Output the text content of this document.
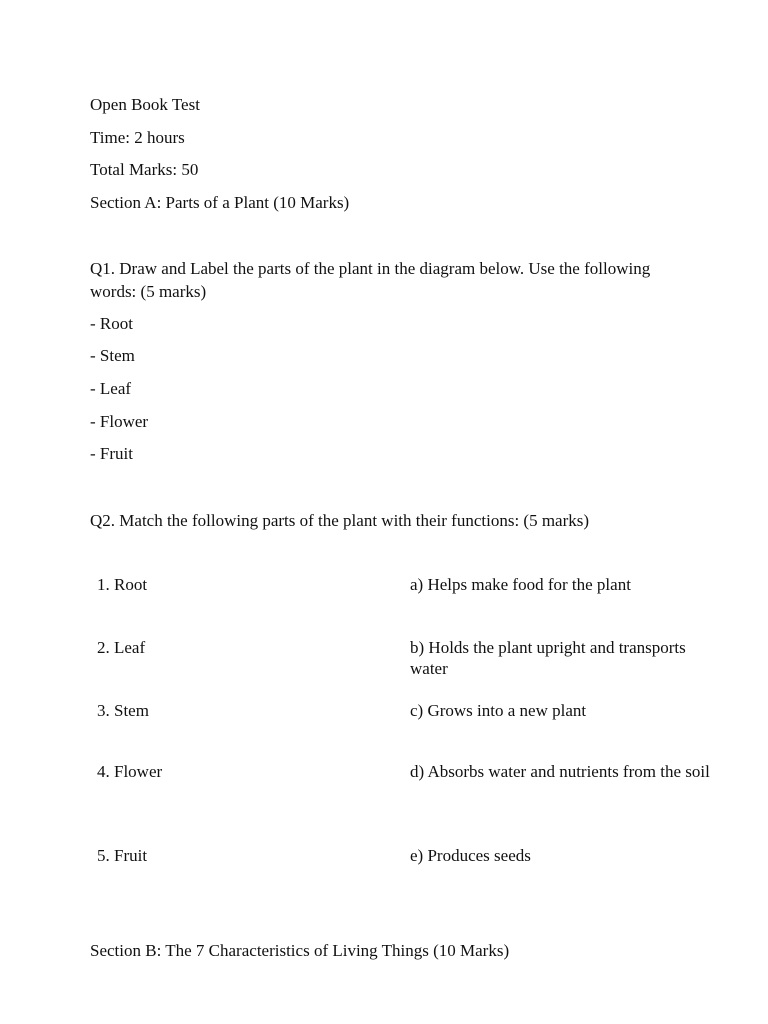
Open Book Test

Time: 2 hours

Total Marks: 50

Section A: Parts of a Plant (10 Marks)

Q1. Draw and Label the parts of the plant in the diagram below. Use the following words: (5 marks)

- Root

- Stem

- Leaf

- Flower

- Fruit

Q2. Match the following parts of the plant with their functions: (5 marks)

1. Root	a) Helps make food for the plant

2. Leaf	b) Holds the plant upright and transports water

3. Stem	c) Grows into a new plant

4. Flower	d) Absorbs water and nutrients from the soil

5. Fruit	e) Produces seeds

Section B: The 7 Characteristics of Living Things (10 Marks)
